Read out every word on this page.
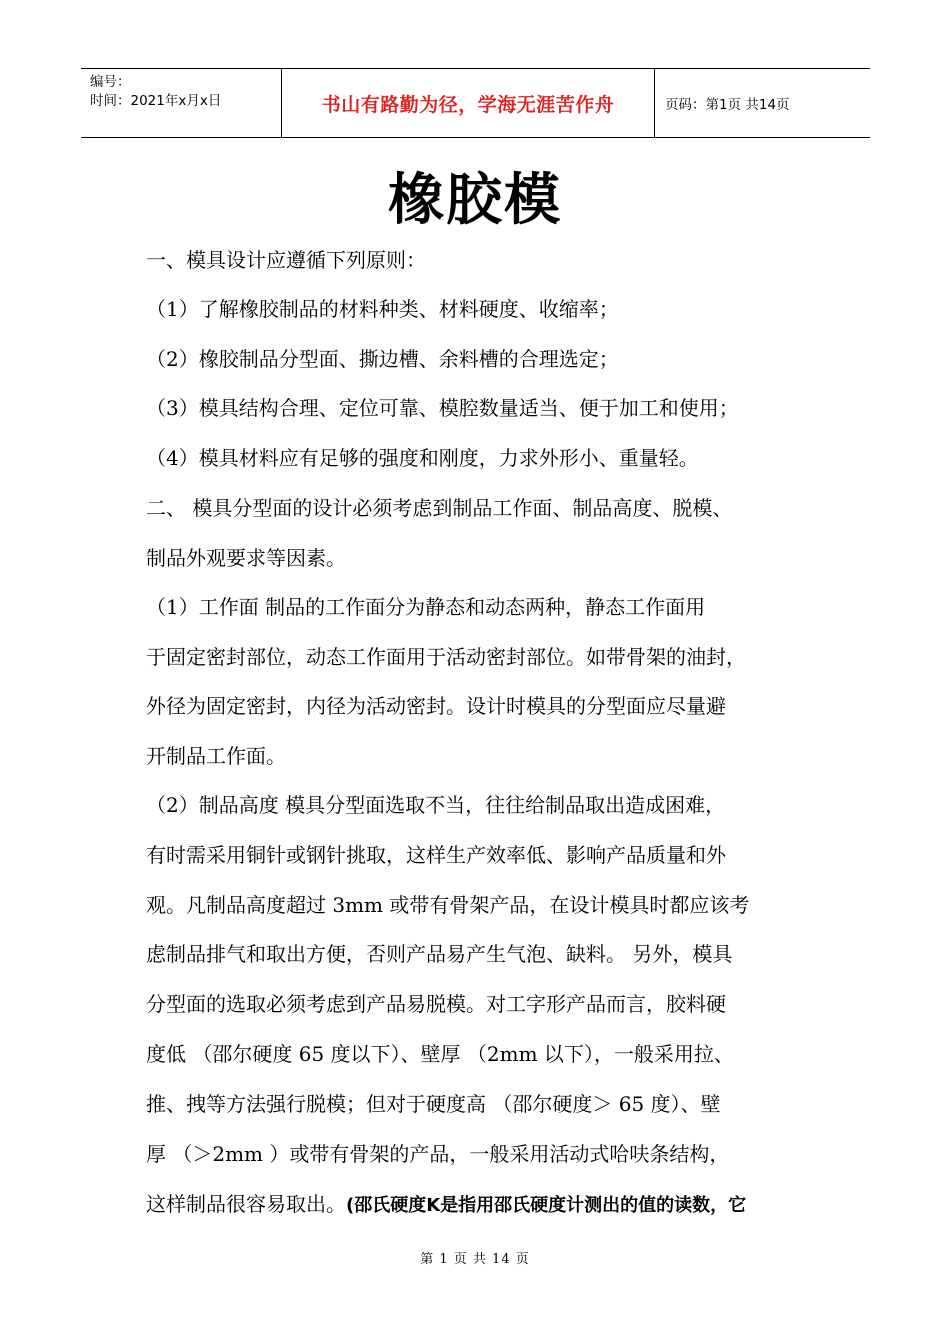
编号：
时间：2021年x月x日	书山有路勤为径，学海无涯苦作舟	页码：第1页 共14页
橡胶模
一、模具设计应遵循下列原则：
（1）了解橡胶制品的材料种类、材料硬度、收缩率；
（2）橡胶制品分型面、撕边槽、余料槽的合理选定；
（3）模具结构合理、定位可靠、模腔数量适当、便于加工和使用；
（4）模具材料应有足够的强度和刚度，力求外形小、重量轻。
二、 模具分型面的设计必须考虑到制品工作面、制品高度、脱模、
制品外观要求等因素。
（1）工作面 制品的工作面分为静态和动态两种，静态工作面用
于固定密封部位，动态工作面用于活动密封部位。如带骨架的油封，
外径为固定密封，内径为活动密封。设计时模具的分型面应尽量避
开制品工作面。
（2）制品高度 模具分型面选取不当，往往给制品取出造成困难，
有时需采用铜针或钢针挑取，这样生产效率低、影响产品质量和外
观。凡制品高度超过 3mm 或带有骨架产品，在设计模具时都应该考
虑制品排气和取出方便，否则产品易产生气泡、缺料。 另外，模具
分型面的选取必须考虑到产品易脱模。对工字形产品而言，胶料硬
度低 （邵尔硬度 65 度以下）、壁厚 （2mm 以下），一般采用拉、
推、拽等方法强行脱模；但对于硬度高 （邵尔硬度＞ 65 度）、壁
厚 （＞2mm ）或带有骨架的产品，一般采用活动式哈呋条结构，
这样制品很容易取出。(邵氏硬度K是指用邵氏硬度计测出的值的读数，它
第 1 页 共 14 页
